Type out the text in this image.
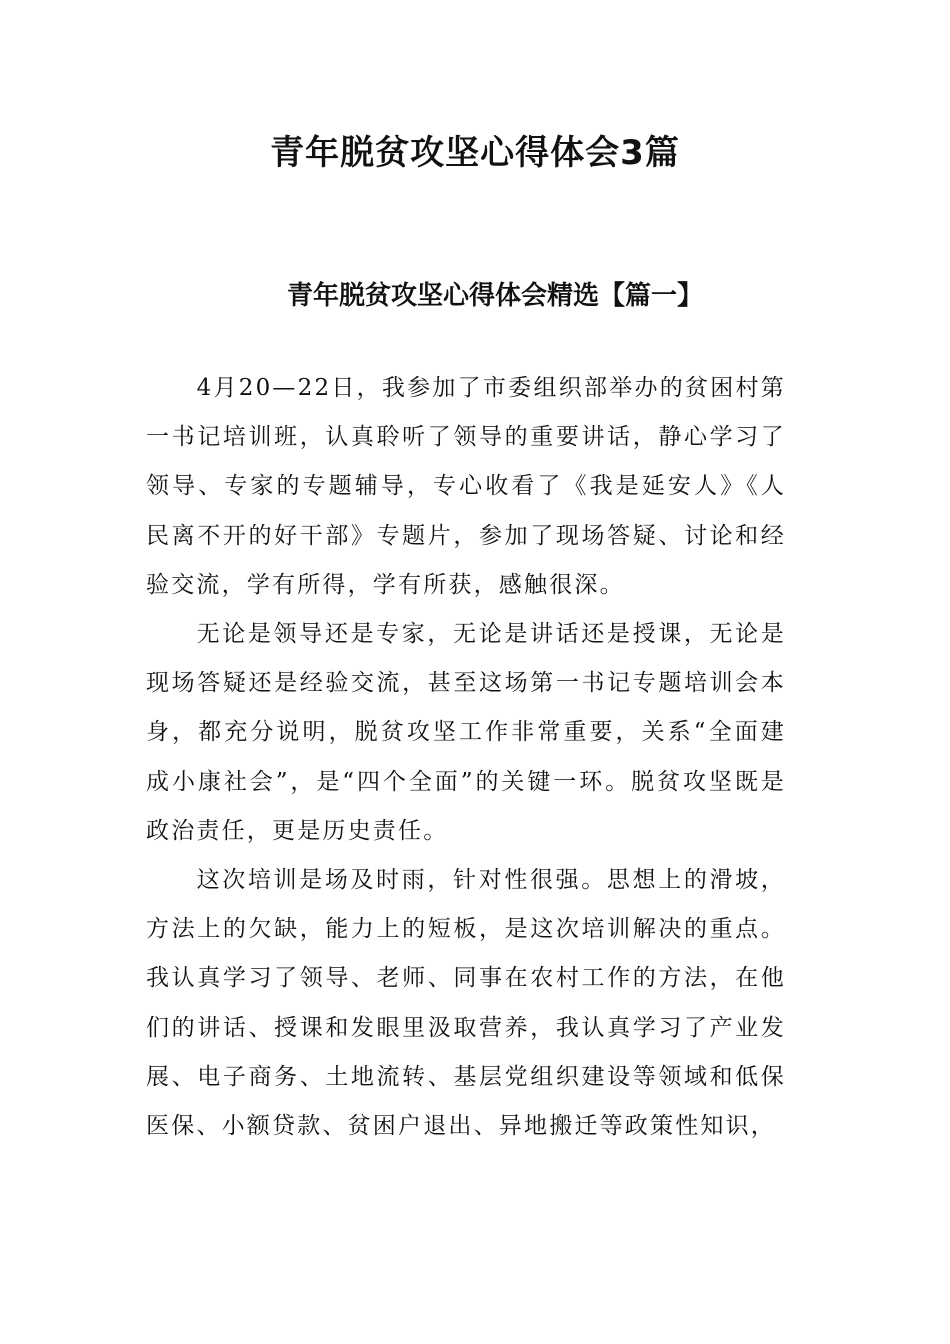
青年脱贫攻坚心得体会3篇
青年脱贫攻坚心得体会精选【篇一】

4月20—22日，我参加了市委组织部举办的贫困村第一书记培训班，认真聆听了领导的重要讲话，静心学习了领导、专家的专题辅导，专心收看了《我是延安人》《人民离不开的好干部》专题片，参加了现场答疑、讨论和经验交流，学有所得，学有所获，感触很深。

无论是领导还是专家，无论是讲话还是授课，无论是现场答疑还是经验交流，甚至这场第一书记专题培训会本身，都充分说明，脱贫攻坚工作非常重要，关系“全面建成小康社会”，是“四个全面”的关键一环。脱贫攻坚既是政治责任，更是历史责任。

这次培训是场及时雨，针对性很强。思想上的滑坡，方法上的欠缺，能力上的短板，是这次培训解决的重点。我认真学习了领导、老师、同事在农村工作的方法，在他们的讲话、授课和发眼里汲取营养，我认真学习了产业发展、电子商务、土地流转、基层党组织建设等领域和低保医保、小额贷款、贫困户退出、异地搬迁等政策性知识，
